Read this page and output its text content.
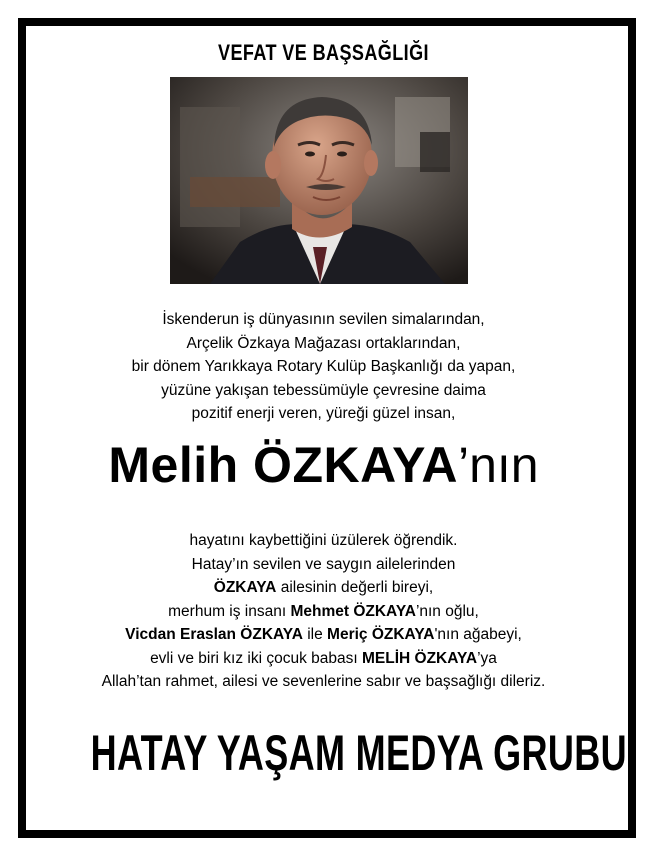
VEFAT VE BAŞSAĞLIĞI
İskenderun iş dünyasının sevilen simalarından,
Arçelik Özkaya Mağazası ortaklarından,
bir dönem Yarıkkaya Rotary Kulüp Başkanlığı da yapan,
yüzüne yakışan tebessümüyle çevresine daima
pozitif enerji veren, yüreği güzel insan,
Melih ÖZKAYA’nın
hayatını kaybettiğini üzülerek öğrendik.
Hatay’ın sevilen ve saygın ailelerinden
ÖZKAYA ailesinin değerli bireyi,
merhum iş insanı Mehmet ÖZKAYA’nın oğlu,
Vicdan Eraslan ÖZKAYA ile Meriç ÖZKAYA'nın ağabeyi,
evli ve biri kız iki çocuk babası MELİH ÖZKAYA’ya
Allah’tan rahmet, ailesi ve sevenlerine sabır ve başsağlığı dileriz.
HATAY YAŞAM MEDYA GRUBU
